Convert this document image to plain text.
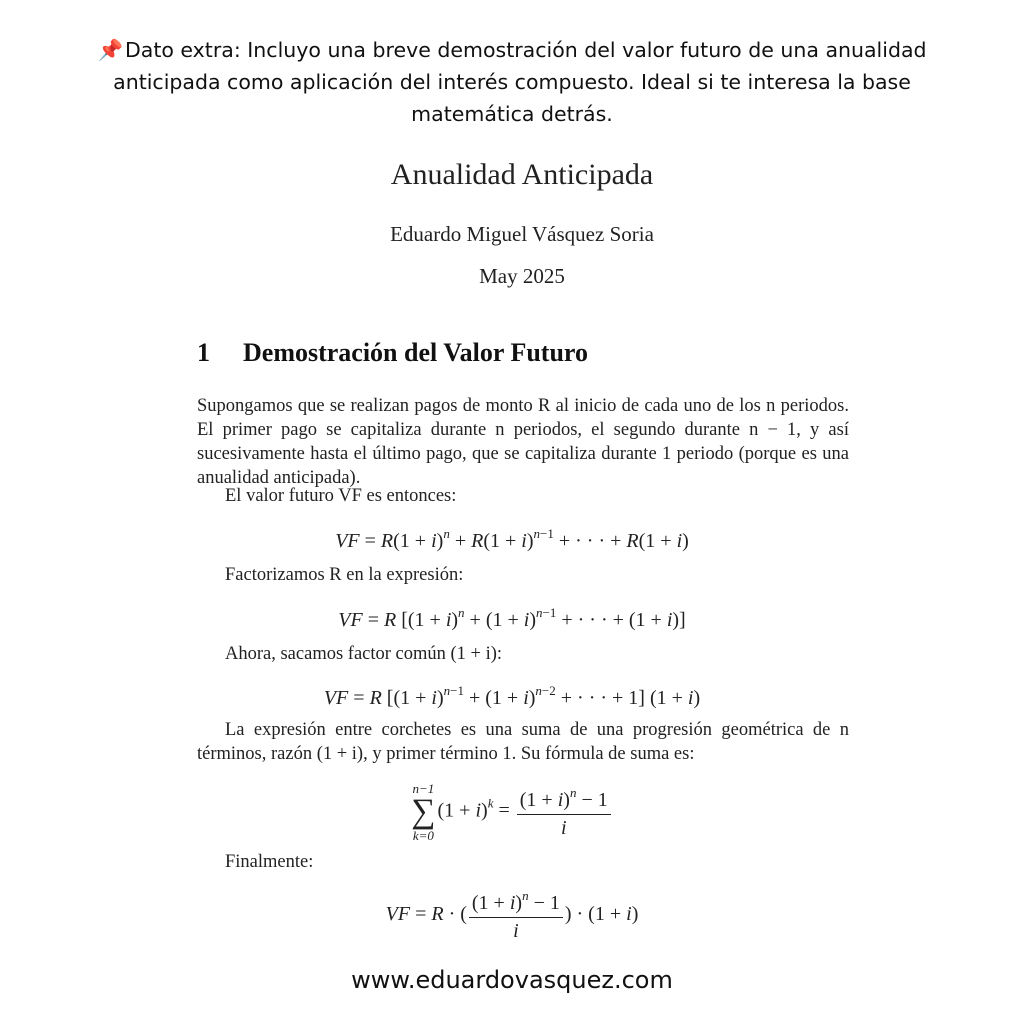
📌Dato extra: Incluyo una breve demostración del valor futuro de una anualidad anticipada como aplicación del interés compuesto. Ideal si te interesa la base matemática detrás.
Anualidad Anticipada
Eduardo Miguel Vásquez Soria
May 2025
1 Demostración del Valor Futuro
Supongamos que se realizan pagos de monto R al inicio de cada uno de los n periodos. El primer pago se capitaliza durante n periodos, el segundo durante n − 1, y así sucesivamente hasta el último pago, que se capitaliza durante 1 periodo (porque es una anualidad anticipada).
El valor futuro VF es entonces:
VF = $R(1 + i)^n + R(1 + i)^{n-1}$ + · · · + R(1 + i)
Factorizamos R en la expresión:
VF = R [$(1 + i)^n + (1 + i)^{n-1}$ + · · · + (1 + i)]
Ahora, sacamos factor común (1 + i):
VF = R [$(1 + i)^{n-1} + (1 + i)^{n-2}$ + · · · + 1] (1 + i)
La expresión entre corchetes es una suma de una progresión geométrica de n términos, razón (1 + i), y primer término 1. Su fórmula de suma es:
n−1
∑
k=0
$(1 + i)^k = \frac{(1 + i)^n - 1}{i}$
Finalmente:
VF = R · ( $\frac{(1 + i)^n - 1}{i}$ ) · (1 + i)
www.eduardovasquez.com
